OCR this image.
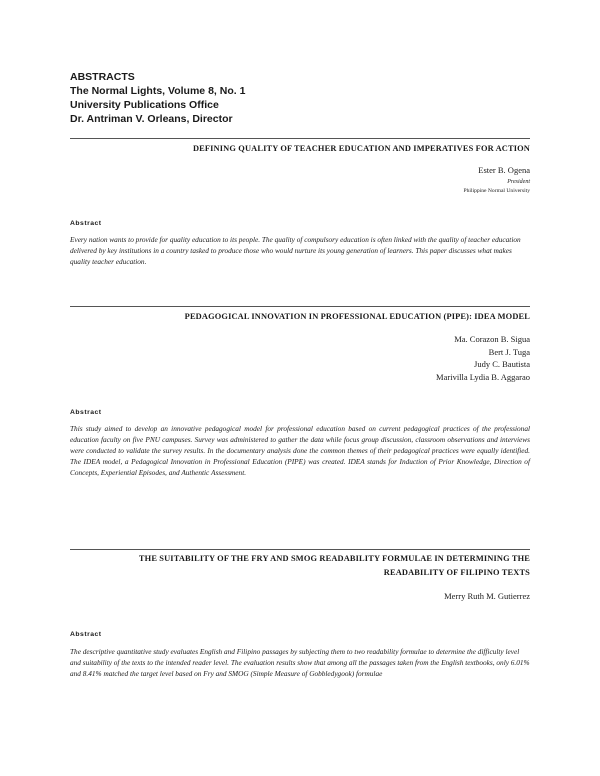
ABSTRACTS
The Normal Lights, Volume 8, No. 1
University Publications Office
Dr. Antriman V. Orleans, Director
DEFINING QUALITY OF TEACHER EDUCATION AND IMPERATIVES FOR ACTION
Ester B. Ogena
President
Philippine Normal University
Abstract
Every nation wants to provide for quality education to its people. The quality of compulsory education is often linked with the quality of teacher education delivered by key institutions in a country tasked to produce those who would nurture its young generation of learners. This paper discusses what makes quality teacher education.
PEDAGOGICAL INNOVATION IN PROFESSIONAL EDUCATION (PIPE): IDEA MODEL
Ma. Corazon B. Sigua
Bert J. Tuga
Judy C. Bautista
Marivilla Lydia B. Aggarao
Abstract
This study aimed to develop an innovative pedagogical model for professional education based on current pedagogical practices of the professional education faculty on five PNU campuses. Survey was administered to gather the data while focus group discussion, classroom observations and interviews were conducted to validate the survey results. In the documentary analysis done the common themes of their pedagogical practices were equally identified. The IDEA model, a Pedagogical Innovation in Professional Education (PIPE) was created. IDEA stands for Induction of Prior Knowledge, Direction of Concepts, Experiential Episodes, and Authentic Assessment.
THE SUITABILITY OF THE FRY AND SMOG READABILITY FORMULAE IN DETERMINING THE
READABILITY OF FILIPINO TEXTS
Merry Ruth M. Gutierrez
Abstract
The descriptive quantitative study evaluates English and Filipino passages by subjecting them to two readability formulae to determine the difficulty level and suitability of the texts to the intended reader level. The evaluation results show that among all the passages taken from the English textbooks, only 6.01% and 8.41% matched the target level based on Fry and SMOG (Simple Measure of Gobbledygook) formulae
